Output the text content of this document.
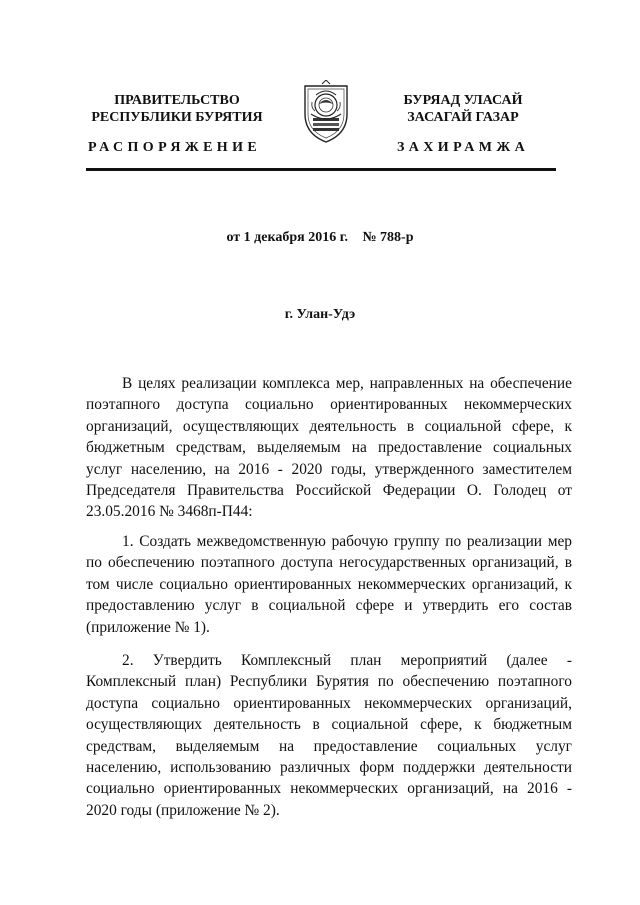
ПРАВИТЕЛЬСТВО
РЕСПУБЛИКИ БУРЯТИЯ
БУРЯАД УЛАСАЙ
ЗАСАГАЙ ГАЗАР
РАСПОРЯЖЕНИЕ	ЗАХИРАМЖА
от 1 декабря 2016 г. № 788-р
г. Улан-Удэ

В целях реализации комплекса мер, направленных на обеспечение поэтапного доступа социально ориентированных некоммерческих организаций, осуществляющих деятельность в социальной сфере, к бюджетным средствам, выделяемым на предоставление социальных услуг населению, на 2016 - 2020 годы, утвержденного заместителем Председателя Правительства Российской Федерации О. Голодец от 23.05.2016 № 3468п-П44:

1. Создать межведомственную рабочую группу по реализации мер по обеспечению поэтапного доступа негосударственных организаций, в том числе социально ориентированных некоммерческих организаций, к предоставлению услуг в социальной сфере и утвердить его состав (приложение № 1).

2. Утвердить Комплексный план мероприятий (далее - Комплексный план) Республики Бурятия по обеспечению поэтапного доступа социально ориентированных некоммерческих организаций, осуществляющих деятельность в социальной сфере, к бюджетным средствам, выделяемым на предоставление социальных услуг населению, использованию различных форм поддержки деятельности социально ориентированных некоммерческих организаций, на 2016 - 2020 годы (приложение № 2).
